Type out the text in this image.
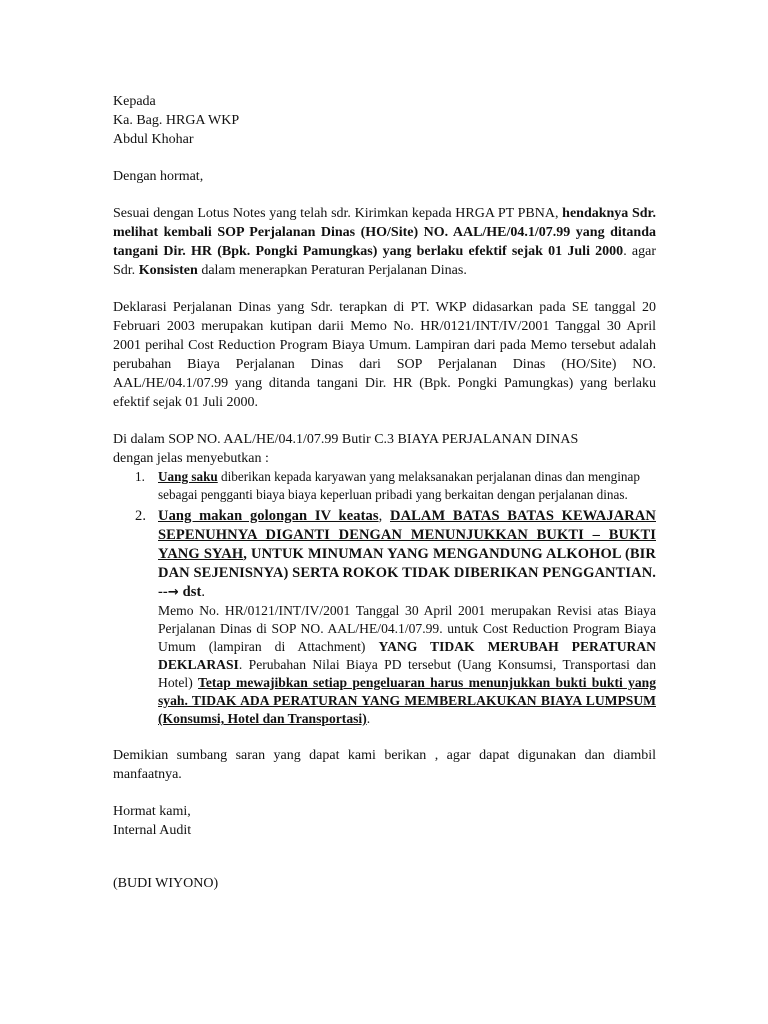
Kepada

Ka. Bag. HRGA WKP

Abdul Khohar

Dengan hormat,

Sesuai dengan Lotus Notes yang telah sdr. Kirimkan kepada HRGA PT PBNA, hendaknya Sdr. melihat kembali SOP Perjalanan Dinas (HO/Site) NO. AAL/HE/04.1/07.99 yang ditanda tangani Dir. HR (Bpk. Pongki Pamungkas) yang berlaku efektif sejak 01 Juli 2000. agar Sdr. Konsisten dalam menerapkan Peraturan Perjalanan Dinas.

Deklarasi Perjalanan Dinas yang Sdr. terapkan di PT. WKP didasarkan pada SE tanggal 20 Februari 2003 merupakan kutipan darii Memo No. HR/0121/INT/IV/2001 Tanggal 30 April 2001 perihal Cost Reduction Program Biaya Umum. Lampiran dari pada Memo tersebut adalah perubahan Biaya Perjalanan Dinas dari SOP Perjalanan Dinas (HO/Site) NO. AAL/HE/04.1/07.99 yang ditanda tangani Dir. HR (Bpk. Pongki Pamungkas) yang berlaku efektif sejak 01 Juli 2000.

Di dalam SOP NO. AAL/HE/04.1/07.99 Butir C.3 BIAYA PERJALANAN DINAS

dengan jelas menyebutkan :

1. Uang saku diberikan kepada karyawan yang melaksanakan perjalanan dinas dan menginap sebagai pengganti biaya biaya keperluan pribadi yang berkaitan dengan perjalanan dinas.
2. Uang makan golongan IV keatas, DALAM BATAS BATAS KEWAJARAN SEPENUHNYA DIGANTI DENGAN MENUNJUKKAN BUKTI – BUKTI YANG SYAH, UNTUK MINUMAN YANG MENGANDUNG ALKOHOL (BIR DAN SEJENISNYA) SERTA ROKOK TIDAK DIBERIKAN PENGGANTIAN. --→ dst.
Memo No. HR/0121/INT/IV/2001 Tanggal 30 April 2001 merupakan Revisi atas Biaya Perjalanan Dinas di SOP NO. AAL/HE/04.1/07.99. untuk Cost Reduction Program Biaya Umum (lampiran di Attachment) YANG TIDAK MERUBAH PERATURAN DEKLARASI. Perubahan Nilai Biaya PD tersebut (Uang Konsumsi, Transportasi dan Hotel) Tetap mewajibkan setiap pengeluaran harus menunjukkan bukti bukti yang syah. TIDAK ADA PERATURAN YANG MEMBERLAKUKAN BIAYA LUMPSUM (Konsumsi, Hotel dan Transportasi).

Demikian sumbang saran yang dapat kami berikan , agar dapat digunakan dan diambil manfaatnya.

Hormat kami,

Internal Audit

(BUDI WIYONO)
